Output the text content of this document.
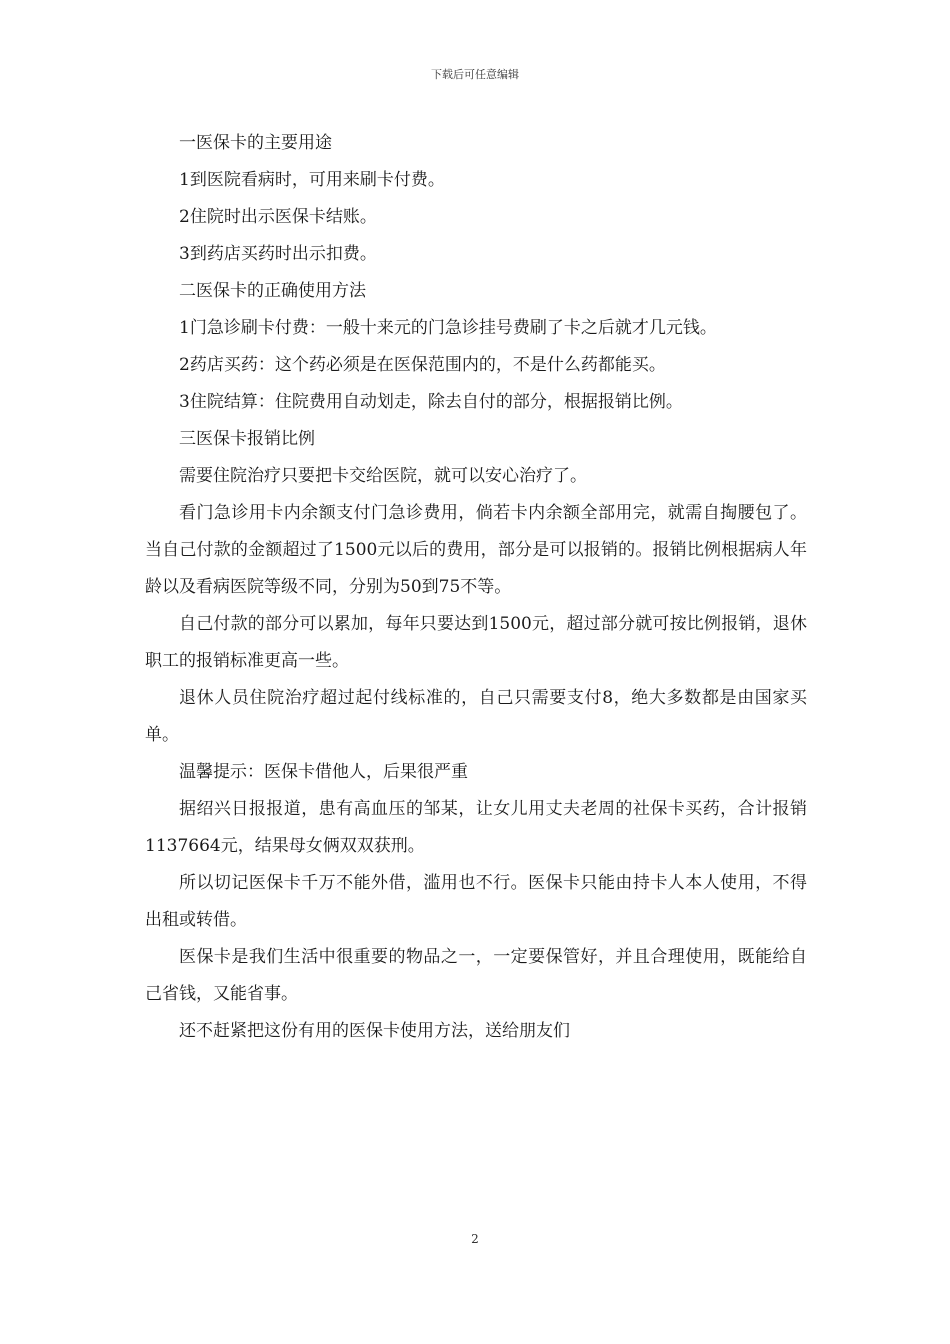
下载后可任意编辑

一医保卡的主要用途

1到医院看病时，可用来刷卡付费。

2住院时出示医保卡结账。

3到药店买药时出示扣费。

二医保卡的正确使用方法

1门急诊刷卡付费：一般十来元的门急诊挂号费刷了卡之后就才几元钱。

2药店买药：这个药必须是在医保范围内的，不是什么药都能买。

3住院结算：住院费用自动划走，除去自付的部分，根据报销比例。

三医保卡报销比例

需要住院治疗只要把卡交给医院，就可以安心治疗了。

看门急诊用卡内余额支付门急诊费用，倘若卡内余额全部用完，就需自掏腰包了。当自己付款的金额超过了1500元以后的费用，部分是可以报销的。报销比例根据病人年龄以及看病医院等级不同，分别为50到75不等。

自己付款的部分可以累加，每年只要达到1500元，超过部分就可按比例报销，退休职工的报销标准更高一些。

退休人员住院治疗超过起付线标准的，自己只需要支付8，绝大多数都是由国家买单。

温馨提示：医保卡借他人，后果很严重

据绍兴日报报道，患有高血压的邹某，让女儿用丈夫老周的社保卡买药，合计报销1137664元，结果母女俩双双获刑。

所以切记医保卡千万不能外借，滥用也不行。医保卡只能由持卡人本人使用，不得出租或转借。

医保卡是我们生活中很重要的物品之一，一定要保管好，并且合理使用，既能给自己省钱，又能省事。

还不赶紧把这份有用的医保卡使用方法，送给朋友们

2
